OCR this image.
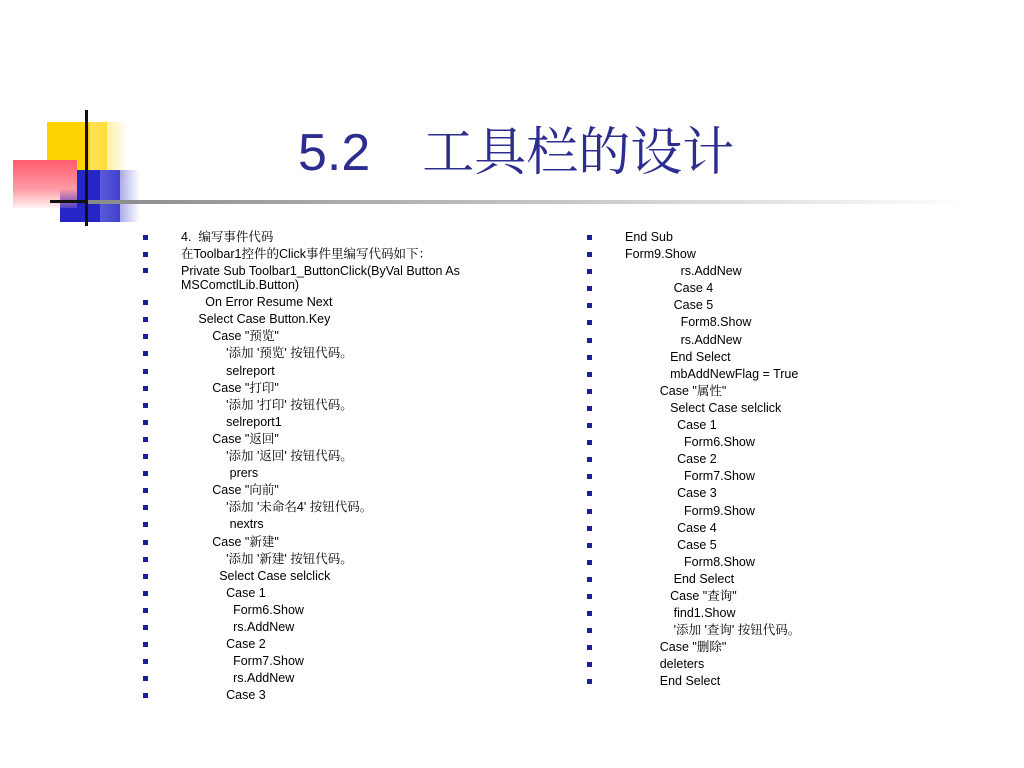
5.2　工具栏的设计
4.  编写事件代码
在Toolbar1控件的Click事件里编写代码如下：
Private Sub Toolbar1_ButtonClick(ByVal Button As MSComctlLib.Button)
On Error Resume Next
Select Case Button.Key
Case "预览"
'添加 '预览' 按钮代码。
selreport
Case "打印"
'添加 '打印' 按钮代码。
selreport1
Case "返回"
'添加 '返回' 按钮代码。
prers
Case "向前"
'添加 '未命名4' 按钮代码。
nextrs
Case "新建"
'添加 '新建' 按钮代码。
Select Case selclick
Case 1
Form6.Show
rs.AddNew
Case 2
Form7.Show
rs.AddNew
Case 3
End Sub
Form9.Show
rs.AddNew
Case 4
Case 5
Form8.Show
rs.AddNew
End Select
mbAddNewFlag = True
Case "属性"
Select Case selclick
Case 1
Form6.Show
Case 2
Form7.Show
Case 3
Form9.Show
Case 4
Case 5
Form8.Show
End Select
Case "查询"
find1.Show
'添加 '查询' 按钮代码。
Case "删除"
deleters
End Select
